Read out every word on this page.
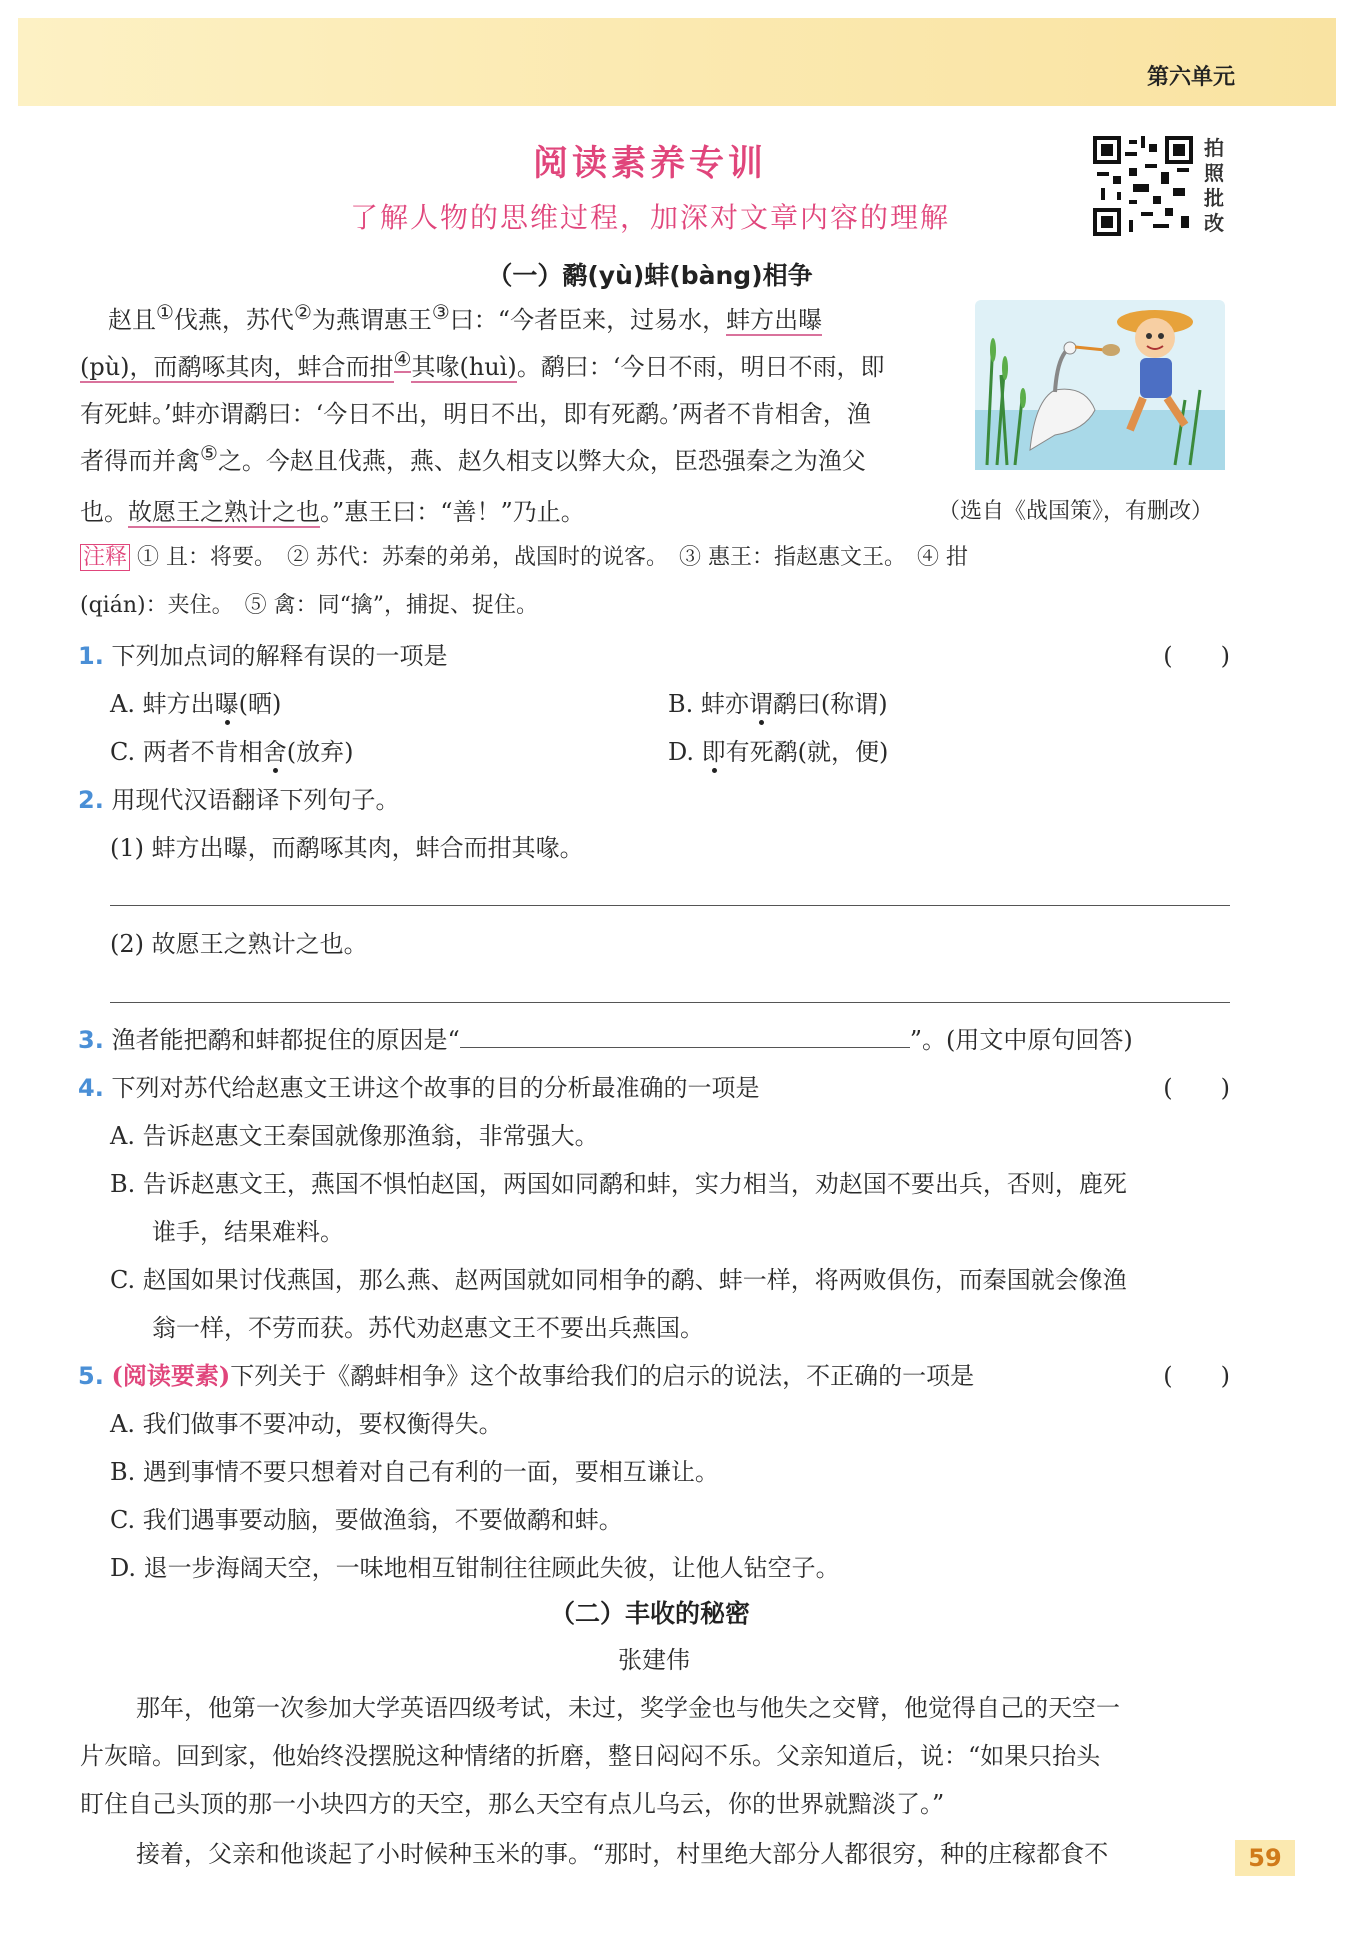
第六单元
阅读素养专训
了解人物的思维过程，加深对文章内容的理解
拍
照
批
改
（一）鹬(yù)蚌(bàng)相争
赵且①伐燕，苏代②为燕谓惠王③曰：“今者臣来，过易水，蚌方出曝
(pù)，而鹬啄其肉，蚌合而拑④其喙(huì)。鹬曰：‘今日不雨，明日不雨，即
有死蚌。’蚌亦谓鹬曰：‘今日不出，明日不出，即有死鹬。’两者不肯相舍，渔
者得而并禽⑤之。今赵且伐燕，燕、赵久相支以弊大众，臣恐强秦之为渔父
也。故愿王之熟计之也。”惠王曰：“善！”乃止。	（选自《战国策》，有删改）
注释 ① 且：将要。　② 苏代：苏秦的弟弟，战国时的说客。　③ 惠王：指赵惠文王。　④ 拑
(qián)：夹住。　⑤ 禽：同“擒”，捕捉、捉住。
1. 下列加点词的解释有误的一项是	(　　)
A. 蚌方出曝(晒)	B. 蚌亦谓鹬曰(称谓)
C. 两者不肯相舍(放弃)	D. 即有死鹬(就，便)
2. 用现代汉语翻译下列句子。
(1) 蚌方出曝，而鹬啄其肉，蚌合而拑其喙。
(2) 故愿王之熟计之也。
3. 渔者能把鹬和蚌都捉住的原因是“	”。(用文中原句回答)
4. 下列对苏代给赵惠文王讲这个故事的目的分析最准确的一项是	(　　)
A. 告诉赵惠文王秦国就像那渔翁，非常强大。
B. 告诉赵惠文王，燕国不惧怕赵国，两国如同鹬和蚌，实力相当，劝赵国不要出兵，否则，鹿死
谁手，结果难料。
C. 赵国如果讨伐燕国，那么燕、赵两国就如同相争的鹬、蚌一样，将两败俱伤，而秦国就会像渔
翁一样，不劳而获。苏代劝赵惠文王不要出兵燕国。
5. (阅读要素)下列关于《鹬蚌相争》这个故事给我们的启示的说法，不正确的一项是	(　　)
A. 我们做事不要冲动，要权衡得失。
B. 遇到事情不要只想着对自己有利的一面，要相互谦让。
C. 我们遇事要动脑，要做渔翁，不要做鹬和蚌。
D. 退一步海阔天空，一味地相互钳制往往顾此失彼，让他人钻空子。
（二）丰收的秘密
张建伟
那年，他第一次参加大学英语四级考试，未过，奖学金也与他失之交臂，他觉得自己的天空一
片灰暗。回到家，他始终没摆脱这种情绪的折磨，整日闷闷不乐。父亲知道后，说：“如果只抬头
盯住自己头顶的那一小块四方的天空，那么天空有点儿乌云，你的世界就黯淡了。”
接着，父亲和他谈起了小时候种玉米的事。“那时，村里绝大部分人都很穷，种的庄稼都食不	59
